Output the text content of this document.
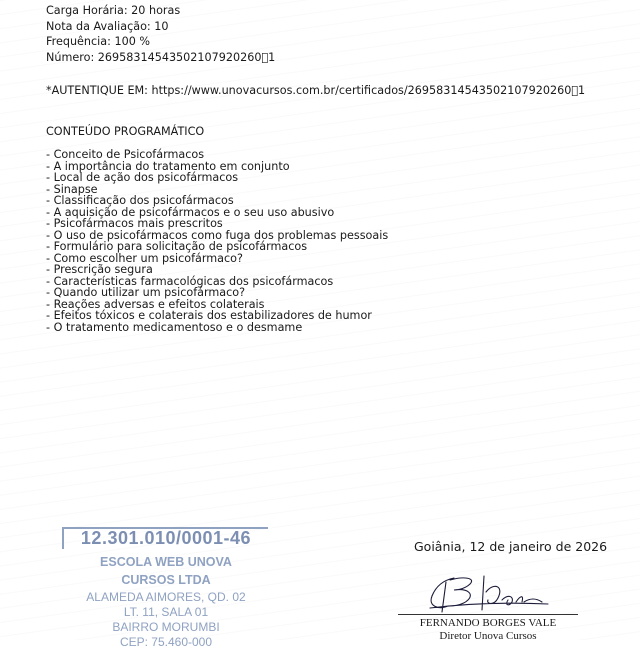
Carga Horária: 20 horas
Nota da Avaliação: 10
Frequência: 100 %
Número: 26958314543502107920260 1
*AUTENTIQUE EM: https://www.unovacursos.com.br/certificados/26958314543502107920260 1
CONTEÚDO PROGRAMÁTICO
- Conceito de Psicofármacos
- A importância do tratamento em conjunto
- Local de ação dos psicofármacos
- Sinapse
- Classificação dos psicofármacos
- A aquisição de psicofármacos e o seu uso abusivo
- Psicofármacos mais prescritos
- O uso de psicofármacos como fuga dos problemas pessoais
- Formulário para solicitação de psicofármacos
- Como escolher um psicofármaco?
- Prescrição segura
- Características farmacológicas dos psicofármacos
- Quando utilizar um psicofármaco?
- Reações adversas e efeitos colaterais
- Efeitos tóxicos e colaterais dos estabilizadores de humor
- O tratamento medicamentoso e o desmame
12.301.010/0001-46
ESCOLA WEB UNOVA
CURSOS LTDA
ALAMEDA AIMORES, QD. 02
LT. 11, SALA 01
BAIRRO MORUMBI
CEP: 75.460-000
Goiânia, 12 de janeiro de 2026
FERNANDO BORGES VALE
Diretor Unova Cursos
